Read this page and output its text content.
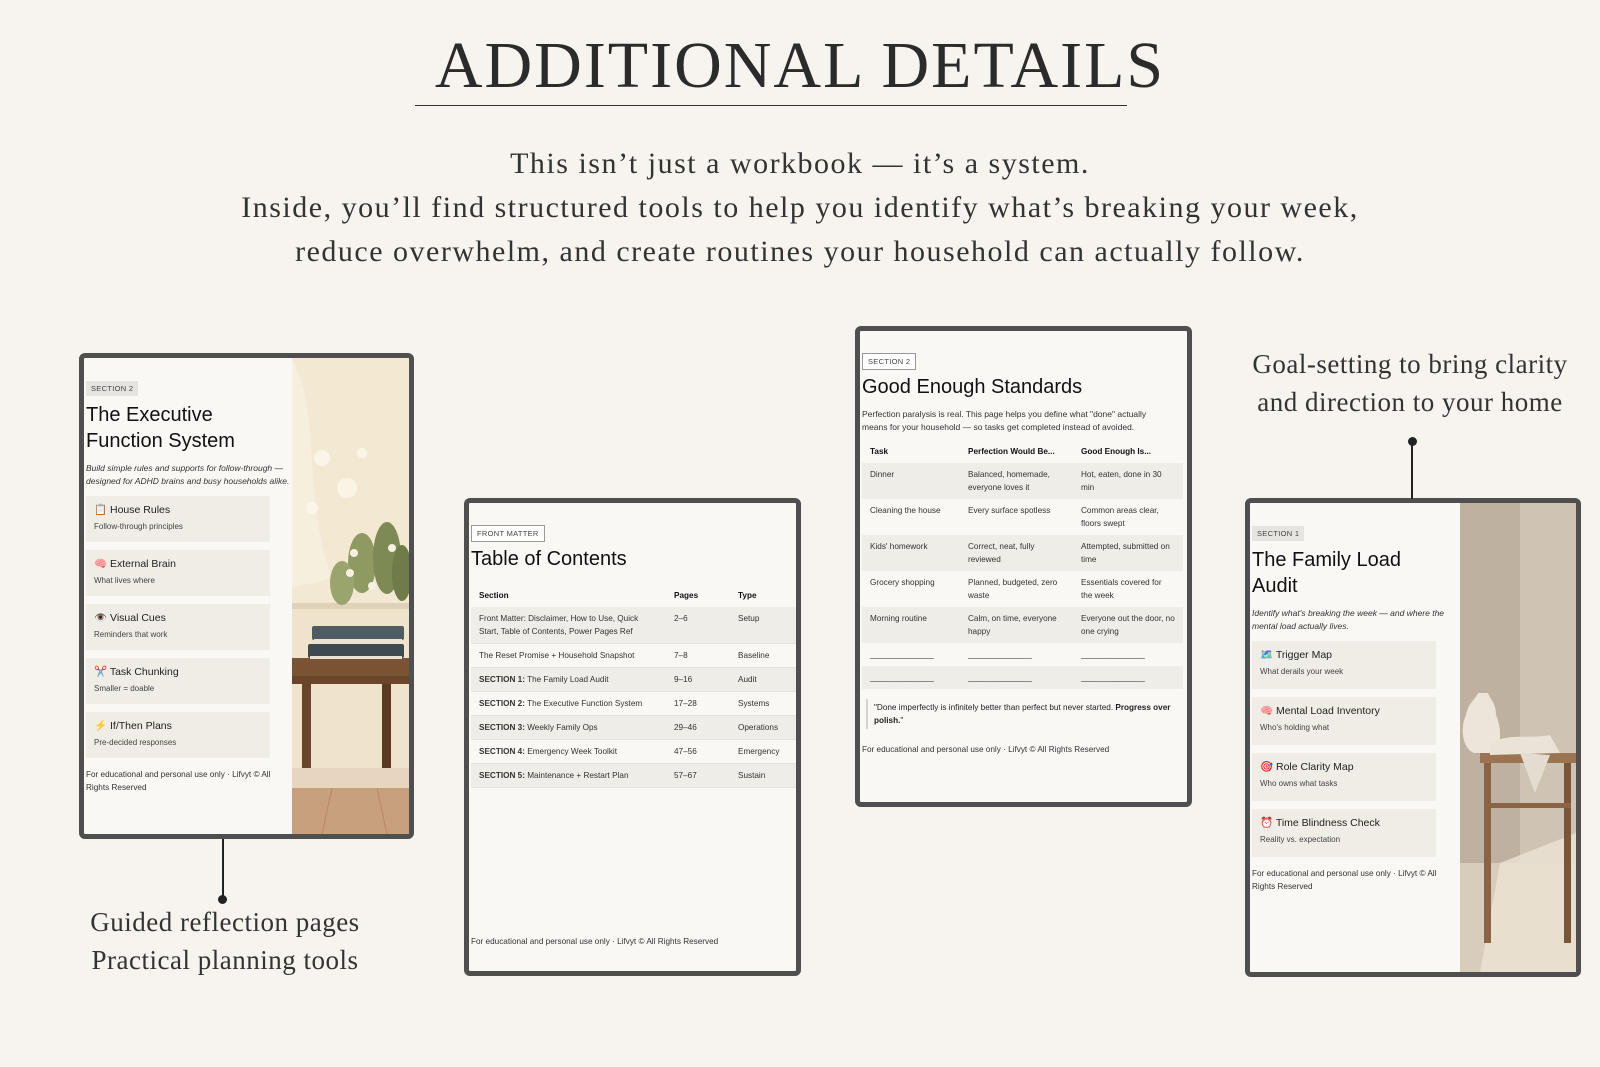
ADDITIONAL DETAILS
This isn’t just a workbook — it’s a system.
Inside, you’ll find structured tools to help you identify what’s breaking your week,
reduce overwhelm, and create routines your household can actually follow.
SECTION 2
The Executive
Function System
Build simple rules and supports for follow-through — designed for ADHD brains and busy households alike.
📋 House Rules
Follow-through principles
🧠 External Brain
What lives where
👁️ Visual Cues
Reminders that work
✂️ Task Chunking
Smaller = doable
⚡ If/Then Plans
Pre-decided responses
For educational and personal use only · Lifvyt © All Rights Reserved
FRONT MATTER
Table of Contents
Section	Pages	Type
Front Matter: Disclaimer, How to Use, Quick Start, Table of Contents, Power Pages Ref	2–6	Setup
The Reset Promise + Household Snapshot	7–8	Baseline
SECTION 1: The Family Load Audit	9–16	Audit
SECTION 2: The Executive Function System	17–28	Systems
SECTION 3: Weekly Family Ops	29–46	Operations
SECTION 4: Emergency Week Toolkit	47–56	Emergency
SECTION 5: Maintenance + Restart Plan	57–67	Sustain
For educational and personal use only · Lifvyt © All Rights Reserved
SECTION 2
Good Enough Standards
Perfection paralysis is real. This page helps you define what "done" actually means for your household — so tasks get completed instead of avoided.
Task	Perfection Would Be...	Good Enough Is...
Dinner	Balanced, homemade, everyone loves it	Hot, eaten, done in 30 min
Cleaning the house	Every surface spotless	Common areas clear, floors swept
Kids' homework	Correct, neat, fully reviewed	Attempted, submitted on time
Grocery shopping	Planned, budgeted, zero waste	Essentials covered for the week
Morning routine	Calm, on time, everyone happy	Everyone out the door, no one crying
______________	______________	______________
______________	______________	______________
"Done imperfectly is infinitely better than perfect but never started. Progress over polish."
For educational and personal use only · Lifvyt © All Rights Reserved
SECTION 1
The Family Load
Audit
Identify what's breaking the week — and where the mental load actually lives.
🗺️ Trigger Map
What derails your week
🧠 Mental Load Inventory
Who's holding what
🎯 Role Clarity Map
Who owns what tasks
⏰ Time Blindness Check
Reality vs. expectation
For educational and personal use only · Lifvyt © All Rights Reserved
Guided reflection pages
Practical planning tools
Goal-setting to bring clarity
and direction to your home
